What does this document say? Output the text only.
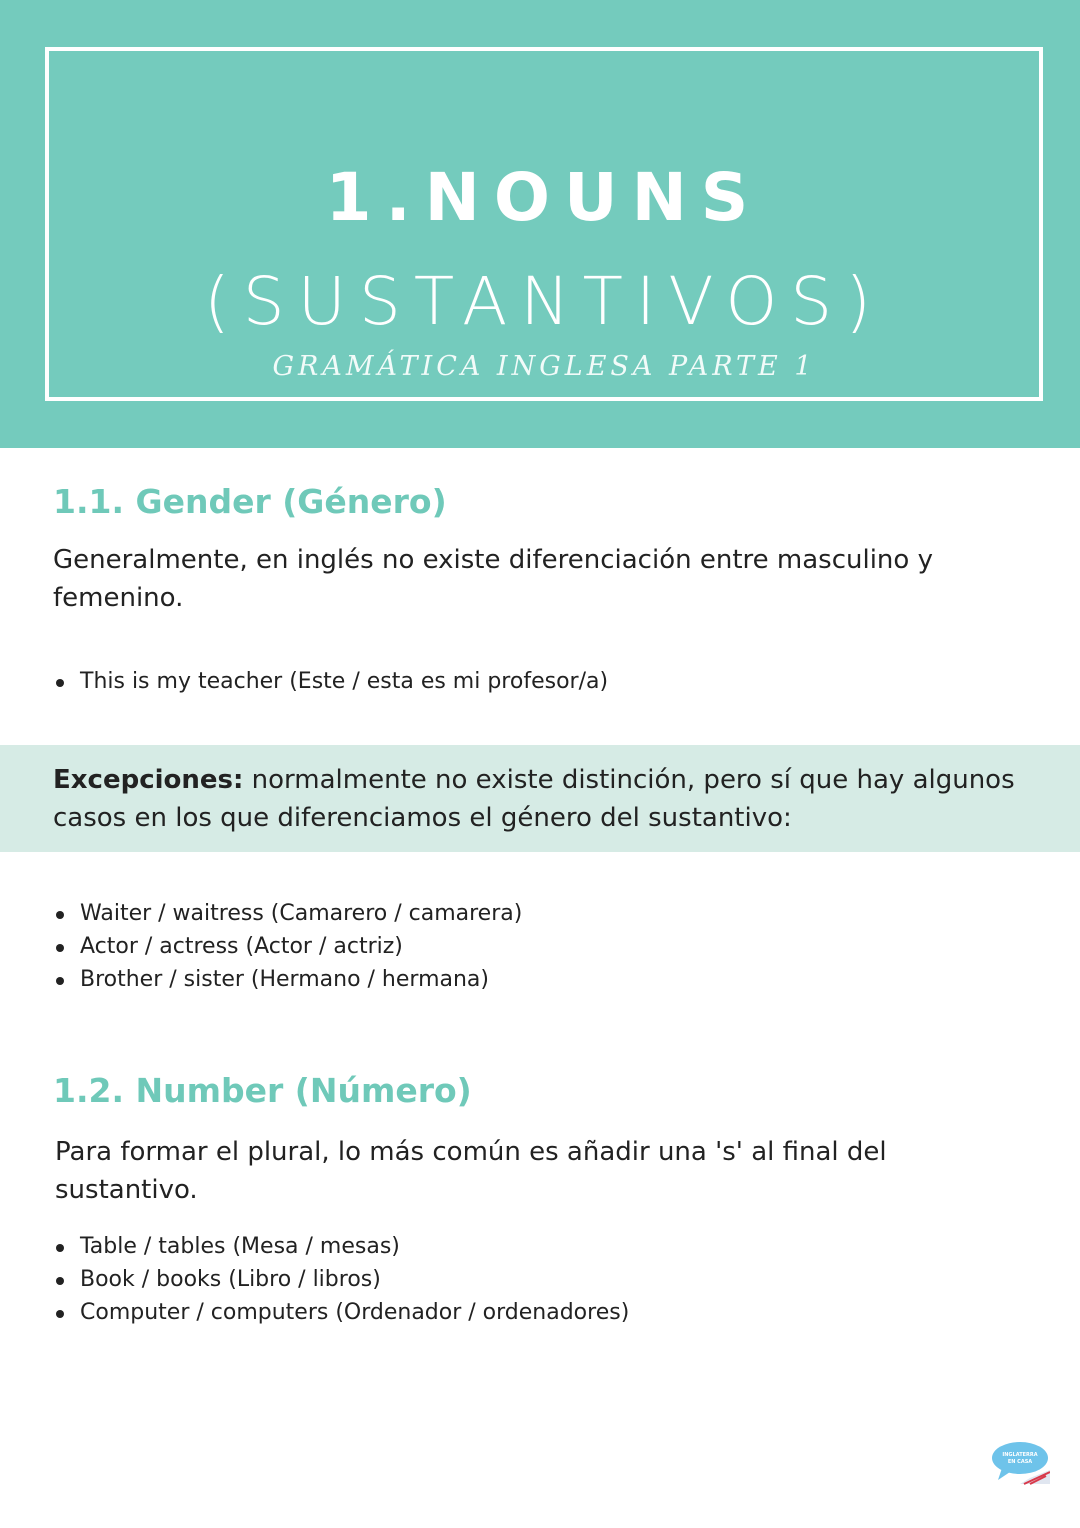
1.NOUNS
(SUSTANTIVOS)
GRAMÁTICA INGLESA PARTE 1
1.1. Gender (Género)

Generalmente, en inglés no existe diferenciación entre masculino y femenino.

This is my teacher (Este / esta es mi profesor/a)

Excepciones: normalmente no existe distinción, pero sí que hay algunos casos en los que diferenciamos el género del sustantivo:

Waiter / waitress (Camarero / camarera)
Actor / actress (Actor / actriz)
Brother / sister (Hermano / hermana)
1.2. Number (Número)

Para formar el plural, lo más común es añadir una 's' al final del sustantivo.

Table / tables (Mesa / mesas)
Book / books (Libro / libros)
Computer / computers (Ordenador / ordenadores)
INGLATERRA
EN CASA
